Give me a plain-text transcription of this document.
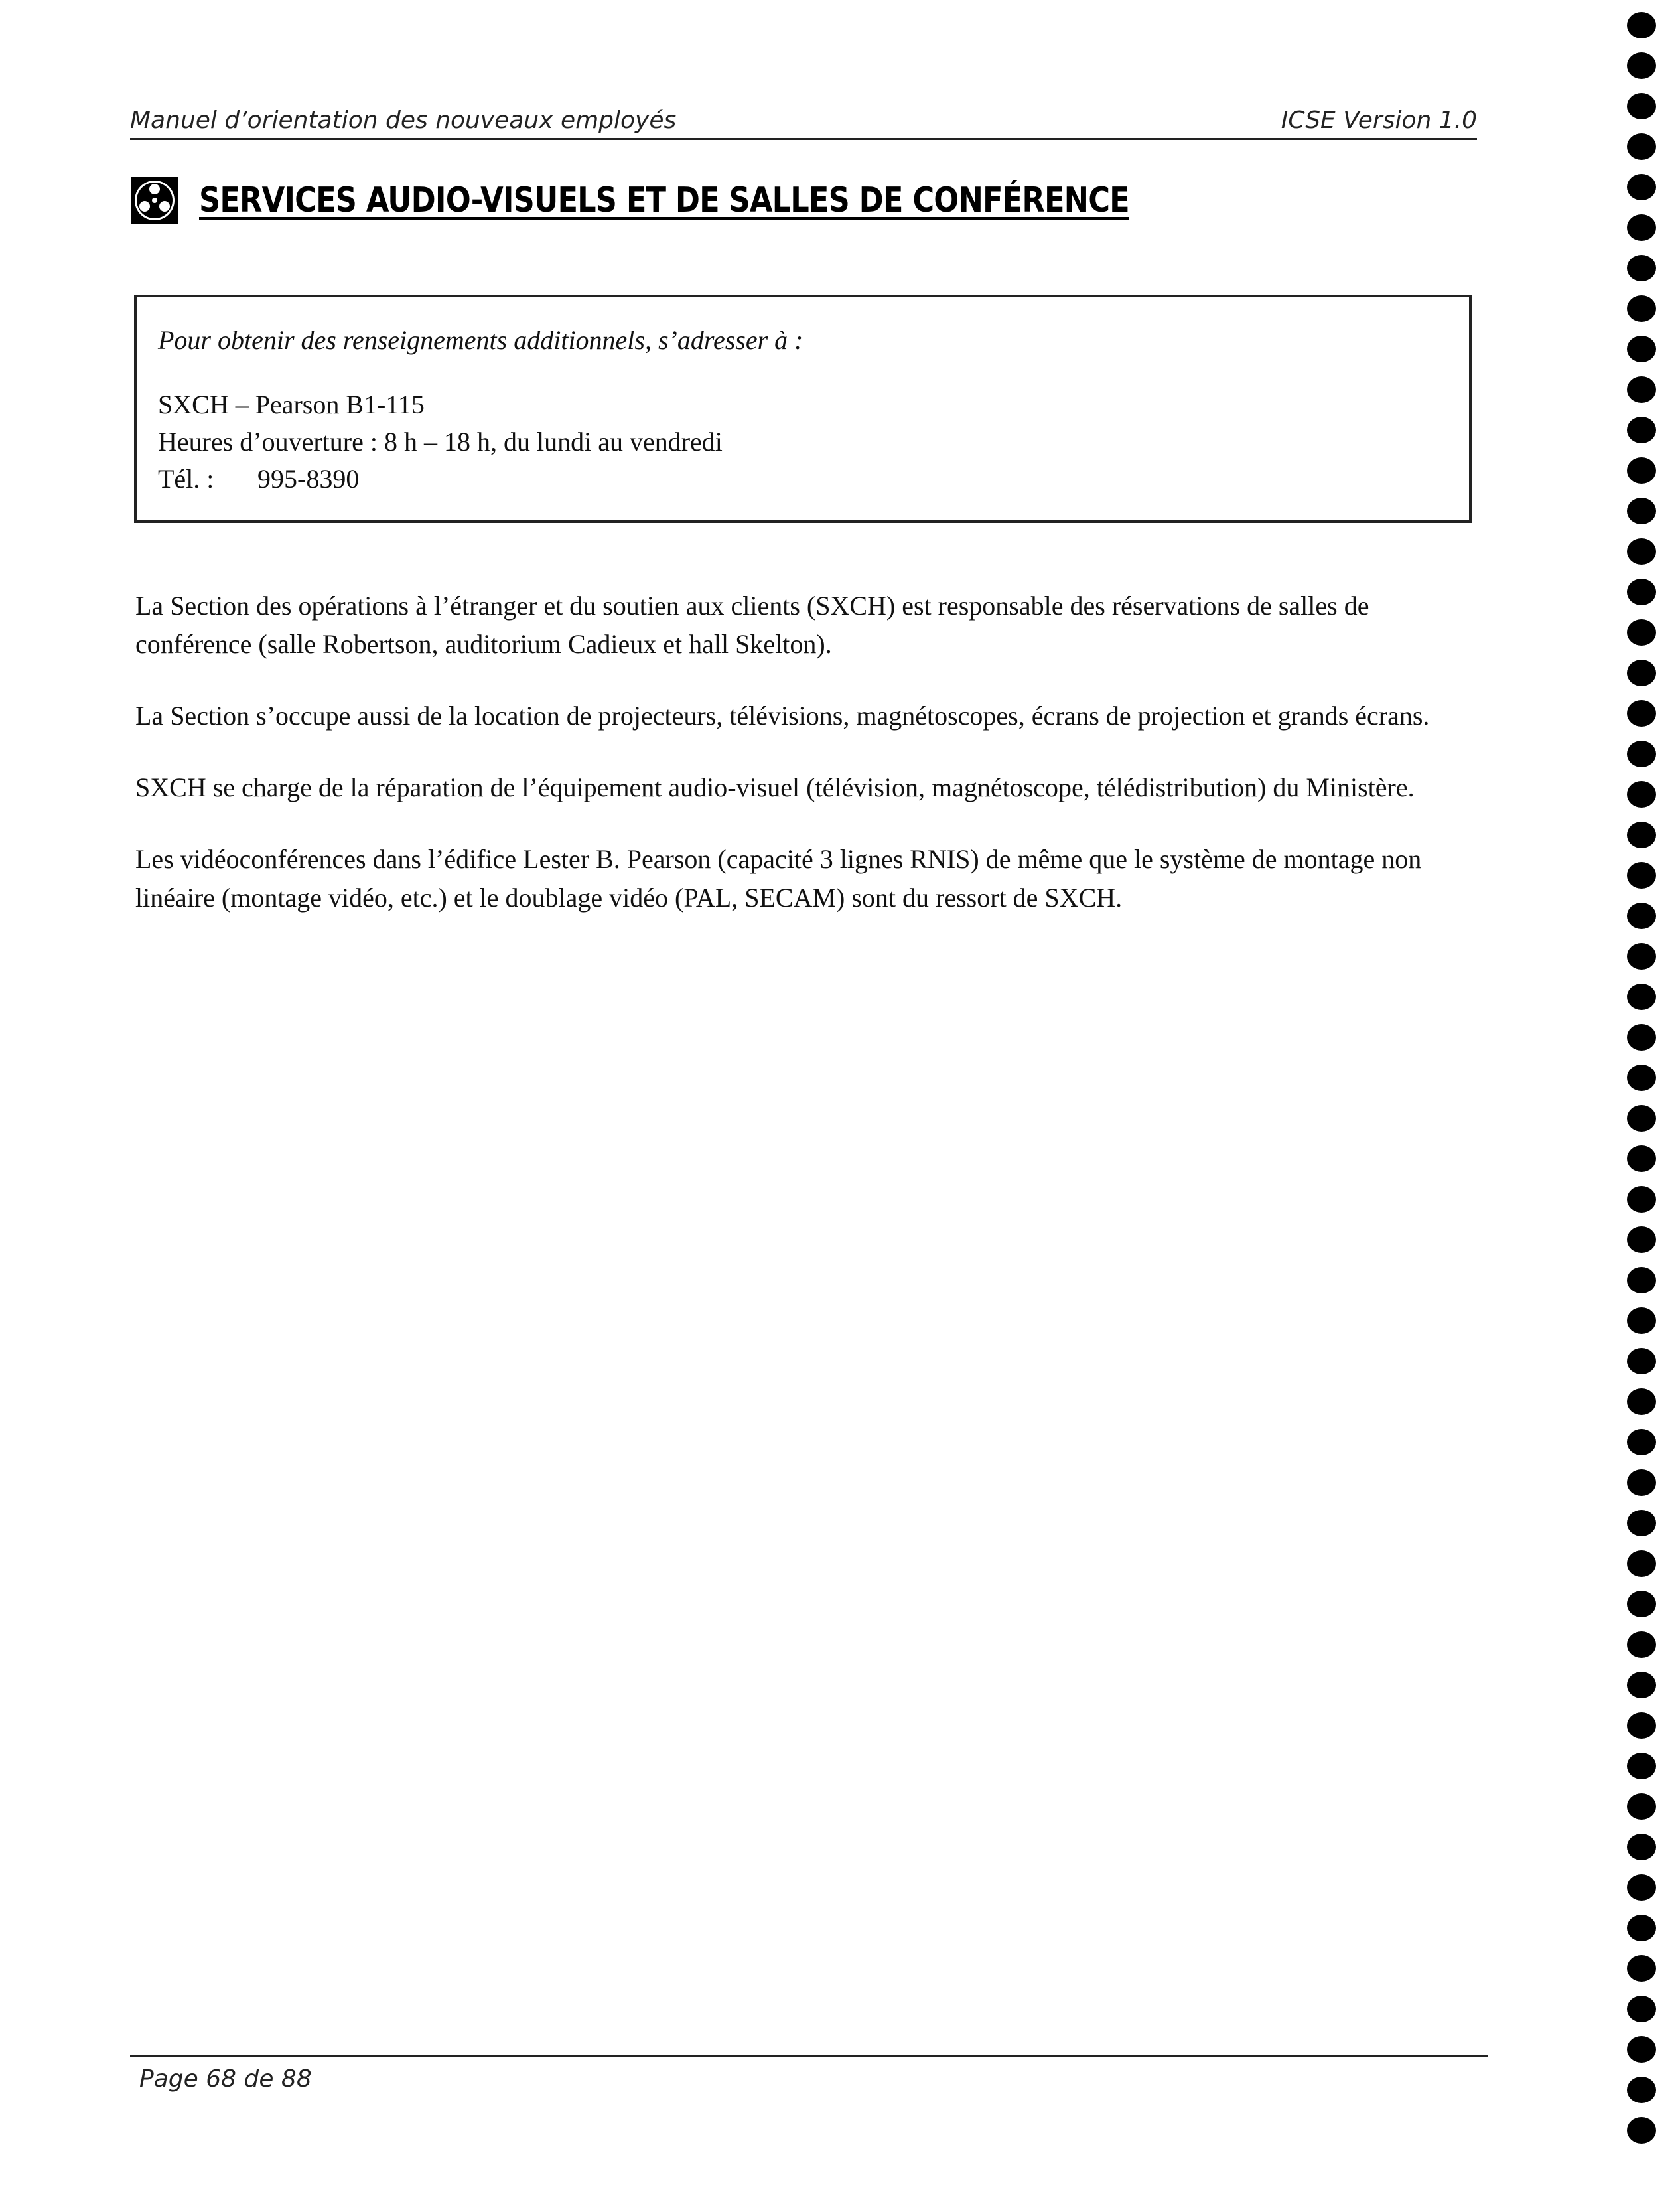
Manuel d’orientation des nouveaux employés	ICSE Version 1.0
SERVICES AUDIO-VISUELS ET DE SALLES DE CONFÉRENCE

Pour obtenir des renseignements additionnels, s’adresser à :

SXCH – Pearson B1-115

Heures d’ouverture : 8 h – 18 h, du lundi au vendredi

Tél. : 995-8390

La Section des opérations à l’étranger et du soutien aux clients (SXCH) est responsable des réservations de salles de conférence (salle Robertson, auditorium Cadieux et hall Skelton).

La Section s’occupe aussi de la location de projecteurs, télévisions, magnétoscopes, écrans de projection et grands écrans.

SXCH se charge de la réparation de l’équipement audio-visuel (télévision, magnétoscope, télédistribution) du Ministère.

Les vidéoconférences dans l’édifice Lester B. Pearson (capacité 3 lignes RNIS) de même que le système de montage non linéaire (montage vidéo, etc.) et le doublage vidéo (PAL, SECAM) sont du ressort de SXCH.

Page 68 de 88
